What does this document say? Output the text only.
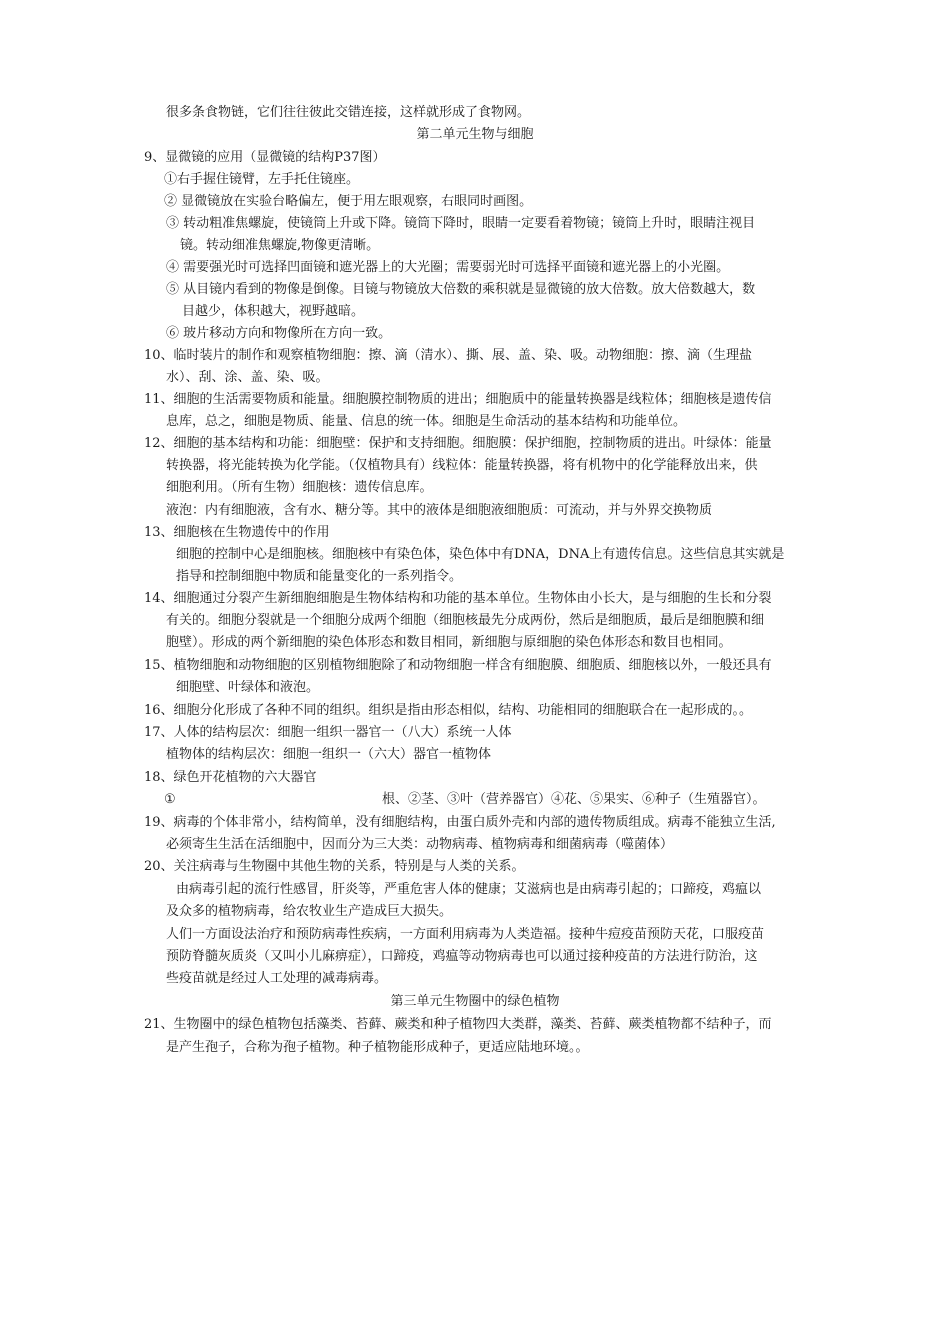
很多条食物链，它们往往彼此交错连接，这样就形成了食物网。
第二单元生物与细胞
9、显微镜的应用（显微镜的结构P37图）
①右手握住镜臂，左手托住镜座。
② 显微镜放在实验台略偏左，便于用左眼观察，右眼同时画图。
③ 转动粗准焦螺旋，使镜筒上升或下降。镜筒下降时，眼睛一定要看着物镜；镜筒上升时，眼睛注视目
镜。转动细准焦螺旋,物像更清晰。
④ 需要强光时可选择凹面镜和遮光器上的大光圈；需要弱光时可选择平面镜和遮光器上的小光圈。
⑤ 从目镜内看到的物像是倒像。目镜与物镜放大倍数的乘积就是显微镜的放大倍数。放大倍数越大，数
目越少，体积越大，视野越暗。
⑥ 玻片移动方向和物像所在方向一致。
10、临时装片的制作和观察植物细胞：擦、滴（清水）、撕、展、盖、染、吸。动物细胞：擦、滴（生理盐
水）、刮、涂、盖、染、吸。
11、细胞的生活需要物质和能量。细胞膜控制物质的进出；细胞质中的能量转换器是线粒体；细胞核是遗传信
息库，总之，细胞是物质、能量、信息的统一体。细胞是生命活动的基本结构和功能单位。
12、细胞的基本结构和功能：细胞壁：保护和支持细胞。细胞膜：保护细胞，控制物质的进出。叶绿体：能量
转换器，将光能转换为化学能。（仅植物具有）线粒体：能量转换器，将有机物中的化学能释放出来，供
细胞利用。（所有生物）细胞核：遗传信息库。
液泡：内有细胞液，含有水、糖分等。其中的液体是细胞液细胞质：可流动，并与外界交换物质
13、细胞核在生物遗传中的作用
细胞的控制中心是细胞核。细胞核中有染色体，染色体中有DNA，DNA上有遗传信息。这些信息其实就是
指导和控制细胞中物质和能量变化的一系列指令。
14、细胞通过分裂产生新细胞细胞是生物体结构和功能的基本单位。生物体由小长大，是与细胞的生长和分裂
有关的。细胞分裂就是一个细胞分成两个细胞（细胞核最先分成两份，然后是细胞质，最后是细胞膜和细
胞壁）。形成的两个新细胞的染色体形态和数目相同，新细胞与原细胞的染色体形态和数目也相同。
15、植物细胞和动物细胞的区别植物细胞除了和动物细胞一样含有细胞膜、细胞质、细胞核以外，一般还具有
细胞壁、叶绿体和液泡。
16、细胞分化形成了各种不同的组织。组织是指由形态相似，结构、功能相同的细胞联合在一起形成的。。
17、人体的结构层次：细胞一组织一器官一（八大）系统一人体
植物体的结构层次：细胞一组织一（六大）器官一植物体
18、绿色开花植物的六大器官
①	根、②茎、③叶（营养器官）④花、⑤果实、⑥种子（生殖器官）。
19、病毒的个体非常小，结构简单，没有细胞结构，由蛋白质外壳和内部的遗传物质组成。病毒不能独立生活,
必须寄生生活在活细胞中，因而分为三大类：动物病毒、植物病毒和细菌病毒（噬菌体）
20、关注病毒与生物圈中其他生物的关系，特别是与人类的关系。
由病毒引起的流行性感冒，肝炎等，严重危害人体的健康；艾滋病也是由病毒引起的；口蹄疫，鸡瘟以
及众多的植物病毒，给农牧业生产造成巨大损失。
人们一方面设法治疗和预防病毒性疾病，一方面利用病毒为人类造福。接种牛痘疫苗预防天花，口服疫苗
预防脊髓灰质炎（又叫小儿麻痹症），口蹄疫，鸡瘟等动物病毒也可以通过接种疫苗的方法进行防治，这
些疫苗就是经过人工处理的减毒病毒。
第三单元生物圈中的绿色植物
21、生物圈中的绿色植物包括藻类、苔藓、蕨类和种子植物四大类群，藻类、苔藓、蕨类植物都不结种子，而
是产生孢子，合称为孢子植物。种子植物能形成种子，更适应陆地环境。。
